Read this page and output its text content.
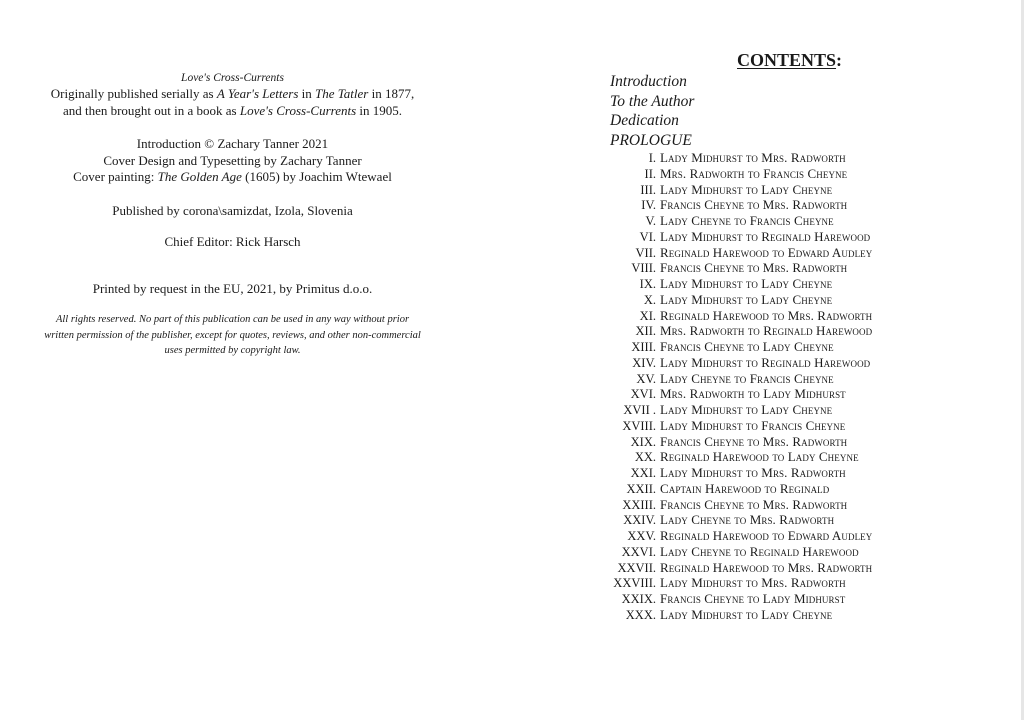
Love's Cross-Currents

Originally published serially as A Year's Letters in The Tatler in 1877, and then brought out in a book as Love's Cross-Currents in 1905.

Introduction © Zachary Tanner 2021

Cover Design and Typesetting by Zachary Tanner

Cover painting: The Golden Age (1605) by Joachim Wtewael

Published by corona\samizdat, Izola, Slovenia

Chief Editor: Rick Harsch

Printed by request in the EU, 2021, by Primitus d.o.o.

All rights reserved. No part of this publication can be used in any way without prior written permission of the publisher, except for quotes, reviews, and other non-commercial uses permitted by copyright law.

CONTENTS:
Introduction
To the Author
Dedication
PROLOGUE
I. Lady Midhurst to Mrs. Radworth
II. Mrs. Radworth to Francis Cheyne
III. Lady Midhurst to Lady Cheyne
IV. Francis Cheyne to Mrs. Radworth
V. Lady Cheyne to Francis Cheyne
VI. Lady Midhurst to Reginald Harewood
VII. Reginald Harewood to Edward Audley
VIII. Francis Cheyne to Mrs. Radworth
IX. Lady Midhurst to Lady Cheyne
X. Lady Midhurst to Lady Cheyne
XI. Reginald Harewood to Mrs. Radworth
XII. Mrs. Radworth to Reginald Harewood
XIII. Francis Cheyne to Lady Cheyne
XIV. Lady Midhurst to Reginald Harewood
XV. Lady Cheyne to Francis Cheyne
XVI. Mrs. Radworth to Lady Midhurst
XVII . Lady Midhurst to Lady Cheyne
XVIII. Lady Midhurst to Francis Cheyne
XIX. Francis Cheyne to Mrs. Radworth
XX. Reginald Harewood to Lady Cheyne
XXI. Lady Midhurst to Mrs. Radworth
XXII. Captain Harewood to Reginald
XXIII. Francis Cheyne to Mrs. Radworth
XXIV. Lady Cheyne to Mrs. Radworth
XXV. Reginald Harewood to Edward Audley
XXVI. Lady Cheyne to Reginald Harewood
XXVII. Reginald Harewood to Mrs. Radworth
XXVIII. Lady Midhurst to Mrs. Radworth
XXIX. Francis Cheyne to Lady Midhurst
XXX. Lady Midhurst to Lady Cheyne
